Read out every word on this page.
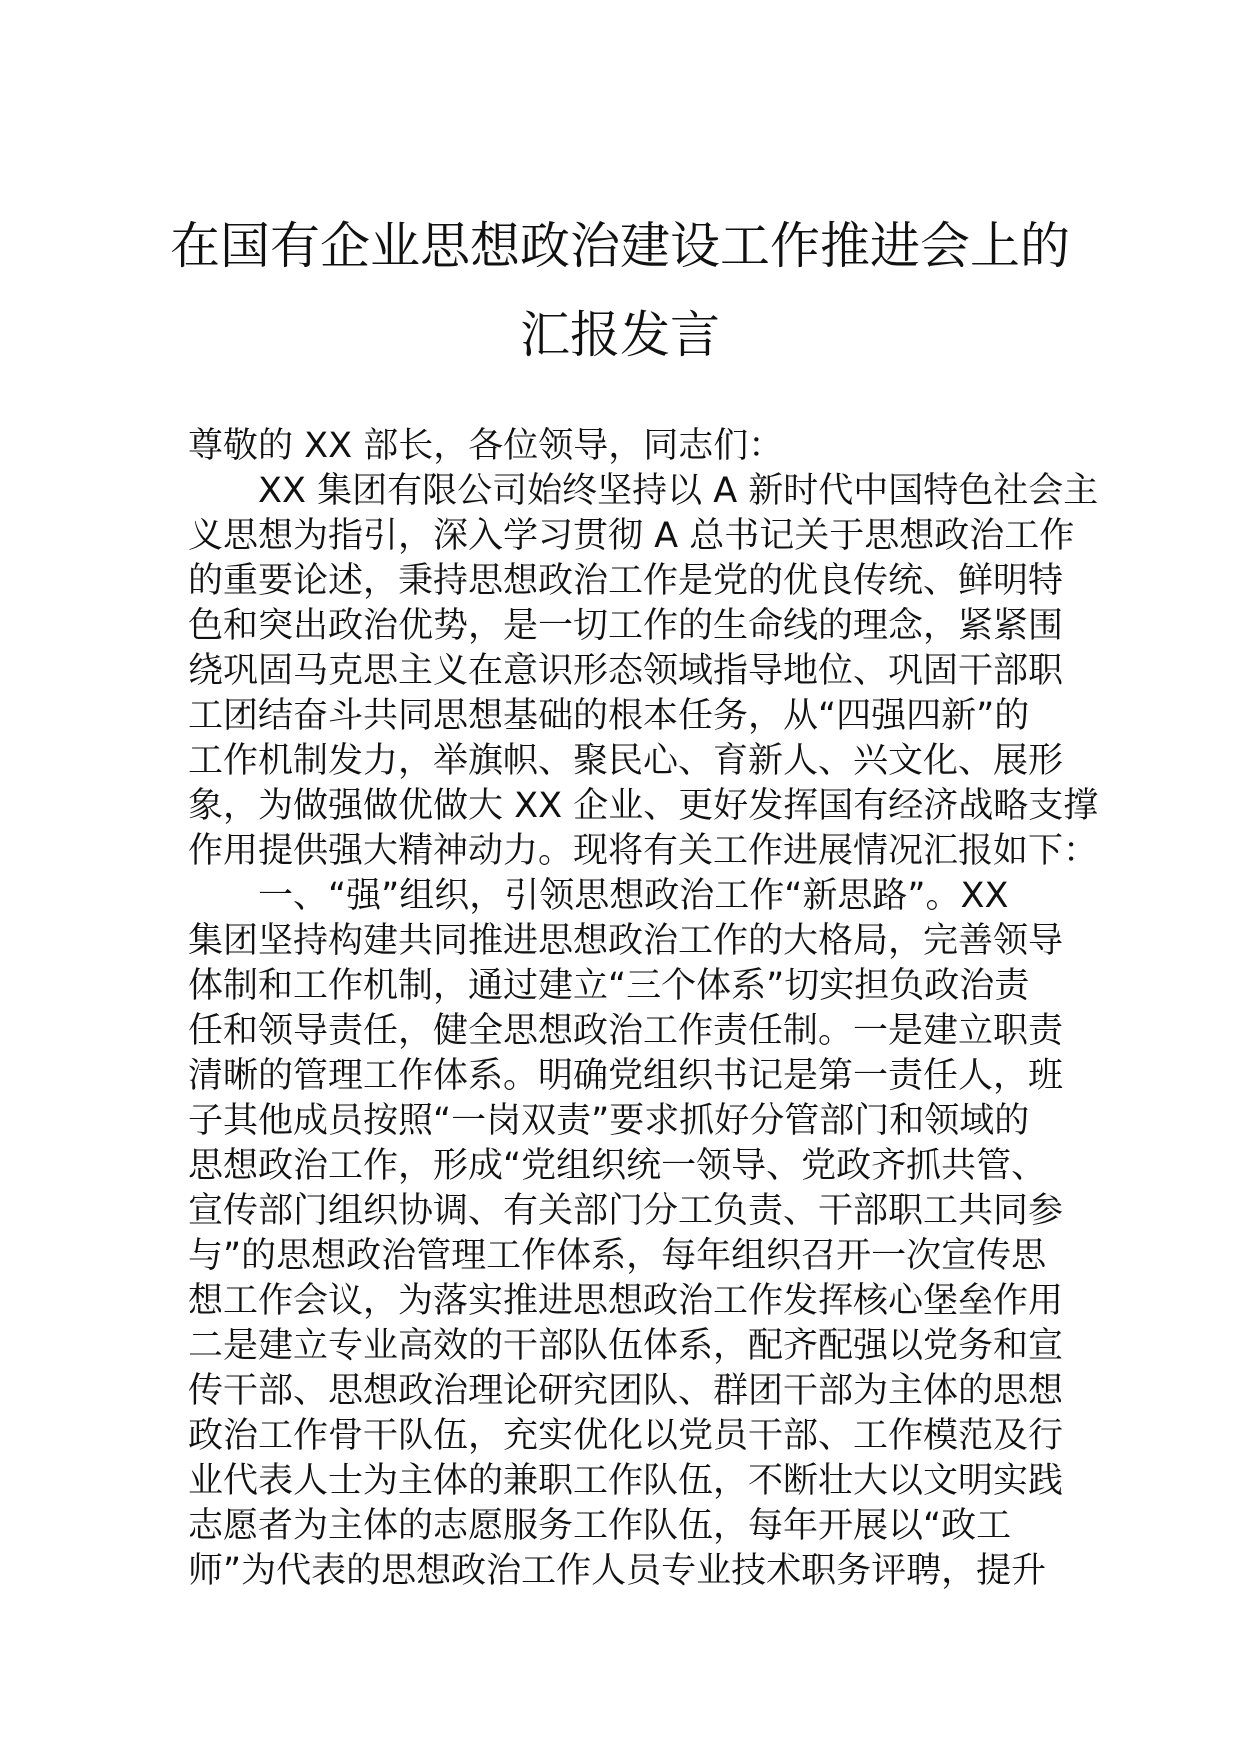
在国有企业思想政治建设工作推进会上的
汇报发言
尊敬的 XX 部长，各位领导，同志们：
XX 集团有限公司始终坚持以 A 新时代中国特色社会主
义思想为指引，深入学习贯彻 A 总书记关于思想政治工作
的重要论述，秉持思想政治工作是党的优良传统、鲜明特
色和突出政治优势，是一切工作的生命线的理念，紧紧围
绕巩固马克思主义在意识形态领域指导地位、巩固干部职
工团结奋斗共同思想基础的根本任务，从“四强四新”的
工作机制发力，举旗帜、聚民心、育新人、兴文化、展形
象，为做强做优做大 XX 企业、更好发挥国有经济战略支撑
作用提供强大精神动力。现将有关工作进展情况汇报如下：
一、“强”组织，引领思想政治工作“新思路”。XX
集团坚持构建共同推进思想政治工作的大格局，完善领导
体制和工作机制，通过建立“三个体系”切实担负政治责
任和领导责任，健全思想政治工作责任制。一是建立职责
清晰的管理工作体系。明确党组织书记是第一责任人，班
子其他成员按照“一岗双责”要求抓好分管部门和领域的
思想政治工作，形成“党组织统一领导、党政齐抓共管、
宣传部门组织协调、有关部门分工负责、干部职工共同参
与”的思想政治管理工作体系，每年组织召开一次宣传思
想工作会议，为落实推进思想政治工作发挥核心堡垒作用
二是建立专业高效的干部队伍体系，配齐配强以党务和宣
传干部、思想政治理论研究团队、群团干部为主体的思想
政治工作骨干队伍，充实优化以党员干部、工作模范及行
业代表人士为主体的兼职工作队伍，不断壮大以文明实践
志愿者为主体的志愿服务工作队伍，每年开展以“政工
师”为代表的思想政治工作人员专业技术职务评聘，提升
